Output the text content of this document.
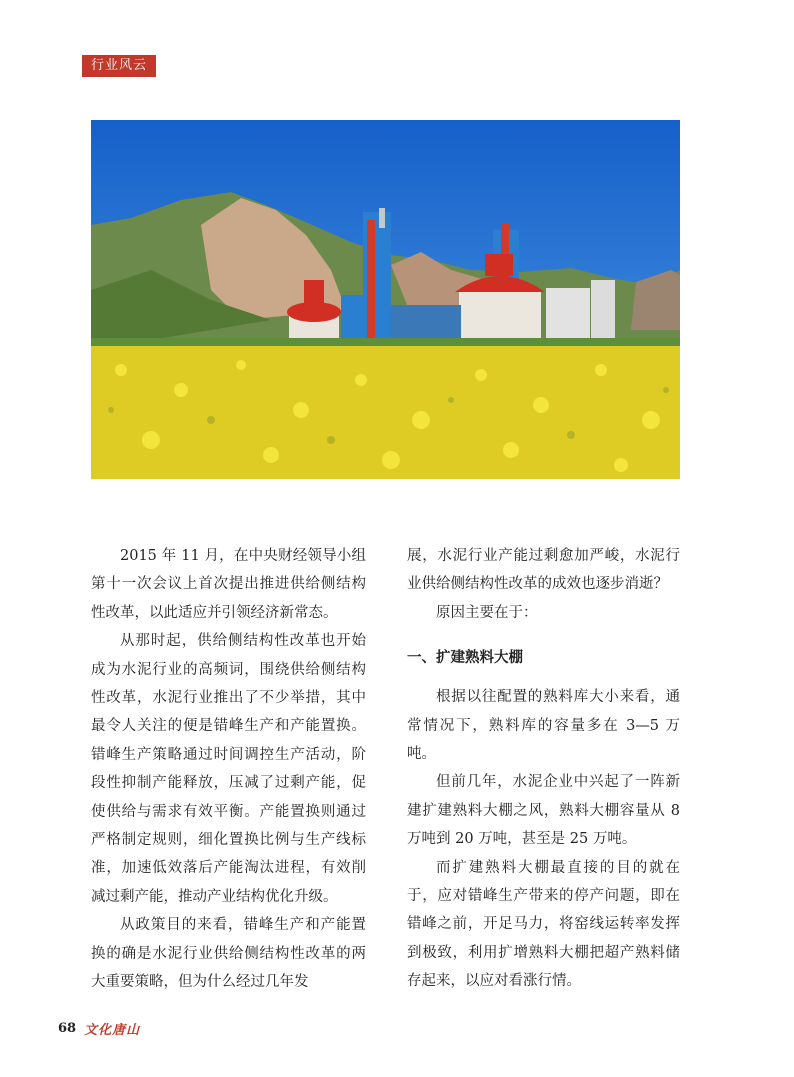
行业风云

2015 年 11 月，在中央财经领导小组第十一次会议上首次提出推进供给侧结构性改革，以此适应并引领经济新常态。

从那时起，供给侧结构性改革也开始成为水泥行业的高频词，围绕供给侧结构性改革，水泥行业推出了不少举措，其中最令人关注的便是错峰生产和产能置换。错峰生产策略通过时间调控生产活动，阶段性抑制产能释放，压减了过剩产能，促使供给与需求有效平衡。产能置换则通过严格制定规则，细化置换比例与生产线标准，加速低效落后产能淘汰进程，有效削减过剩产能，推动产业结构优化升级。

从政策目的来看，错峰生产和产能置换的确是水泥行业供给侧结构性改革的两大重要策略，但为什么经过几年发

展，水泥行业产能过剩愈加严峻，水泥行业供给侧结构性改革的成效也逐步消逝？

原因主要在于：

一、扩建熟料大棚

根据以往配置的熟料库大小来看，通常情况下，熟料库的容量多在 3—5 万吨。

但前几年，水泥企业中兴起了一阵新建扩建熟料大棚之风，熟料大棚容量从 8 万吨到 20 万吨，甚至是 25 万吨。

而扩建熟料大棚最直接的目的就在于，应对错峰生产带来的停产问题，即在错峰之前，开足马力，将窑线运转率发挥到极致，利用扩增熟料大棚把超产熟料储存起来，以应对看涨行情。

68 文化唐山
